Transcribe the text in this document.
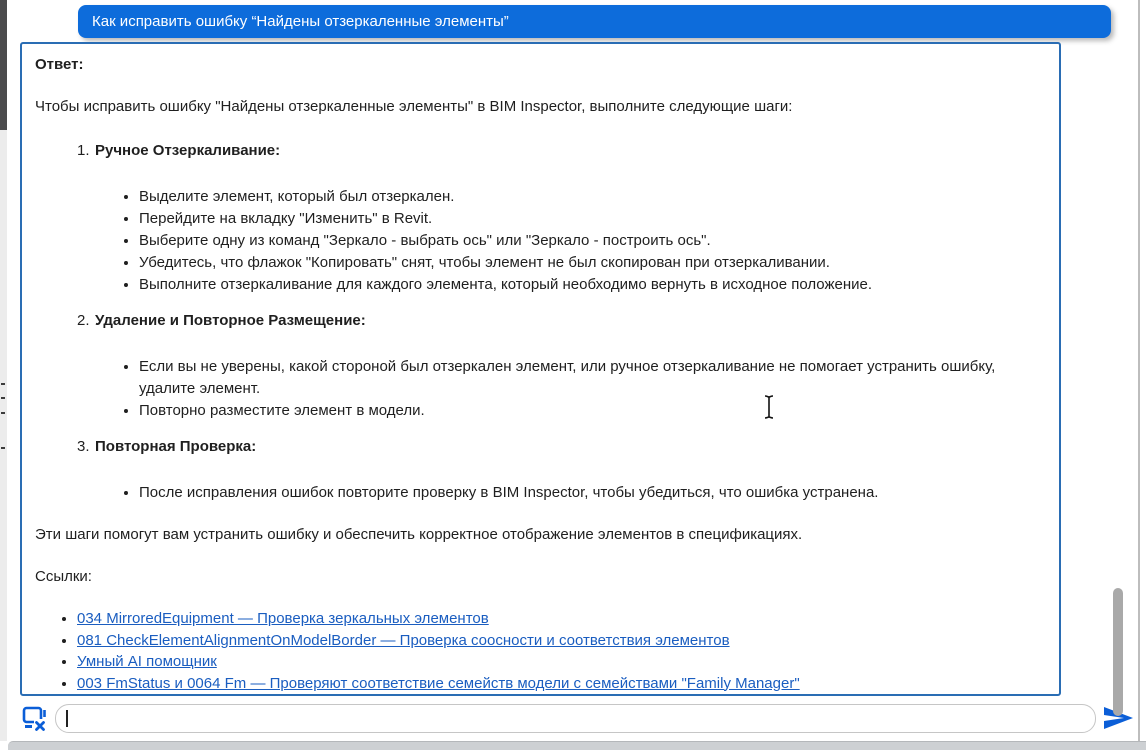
Как исправить ошибку “Найдены отзеркаленные элементы”

Ответ:

Чтобы исправить ошибку "Найдены отзеркаленные элементы" в BIM Inspector, выполните следующие шаги:

1. Ручное Отзеркаливание:
• Выделите элемент, который был отзеркален.
• Перейдите на вкладку "Изменить" в Revit.
• Выберите одну из команд "Зеркало - выбрать ось" или "Зеркало - построить ось".
• Убедитесь, что флажок "Копировать" снят, чтобы элемент не был скопирован при отзеркаливании.
• Выполните отзеркаливание для каждого элемента, который необходимо вернуть в исходное положение.
2. Удаление и Повторное Размещение:
• Если вы не уверены, какой стороной был отзеркален элемент, или ручное отзеркаливание не помогает устранить ошибку, удалите элемент.
• Повторно разместите элемент в модели.
3. Повторная Проверка:
• После исправления ошибок повторите проверку в BIM Inspector, чтобы убедиться, что ошибка устранена.

Эти шаги помогут вам устранить ошибку и обеспечить корректное отображение элементов в спецификациях.

Ссылки:

• 034 MirroredEquipment — Проверка зеркальных элементов
• 081 CheckElementAlignmentOnModelBorder — Проверка соосности и соответствия элементов
• Умный AI помощник
• 003 FmStatus и 0064 Fm — Проверяют соответствие семейств модели с семействами "Family Manager"
